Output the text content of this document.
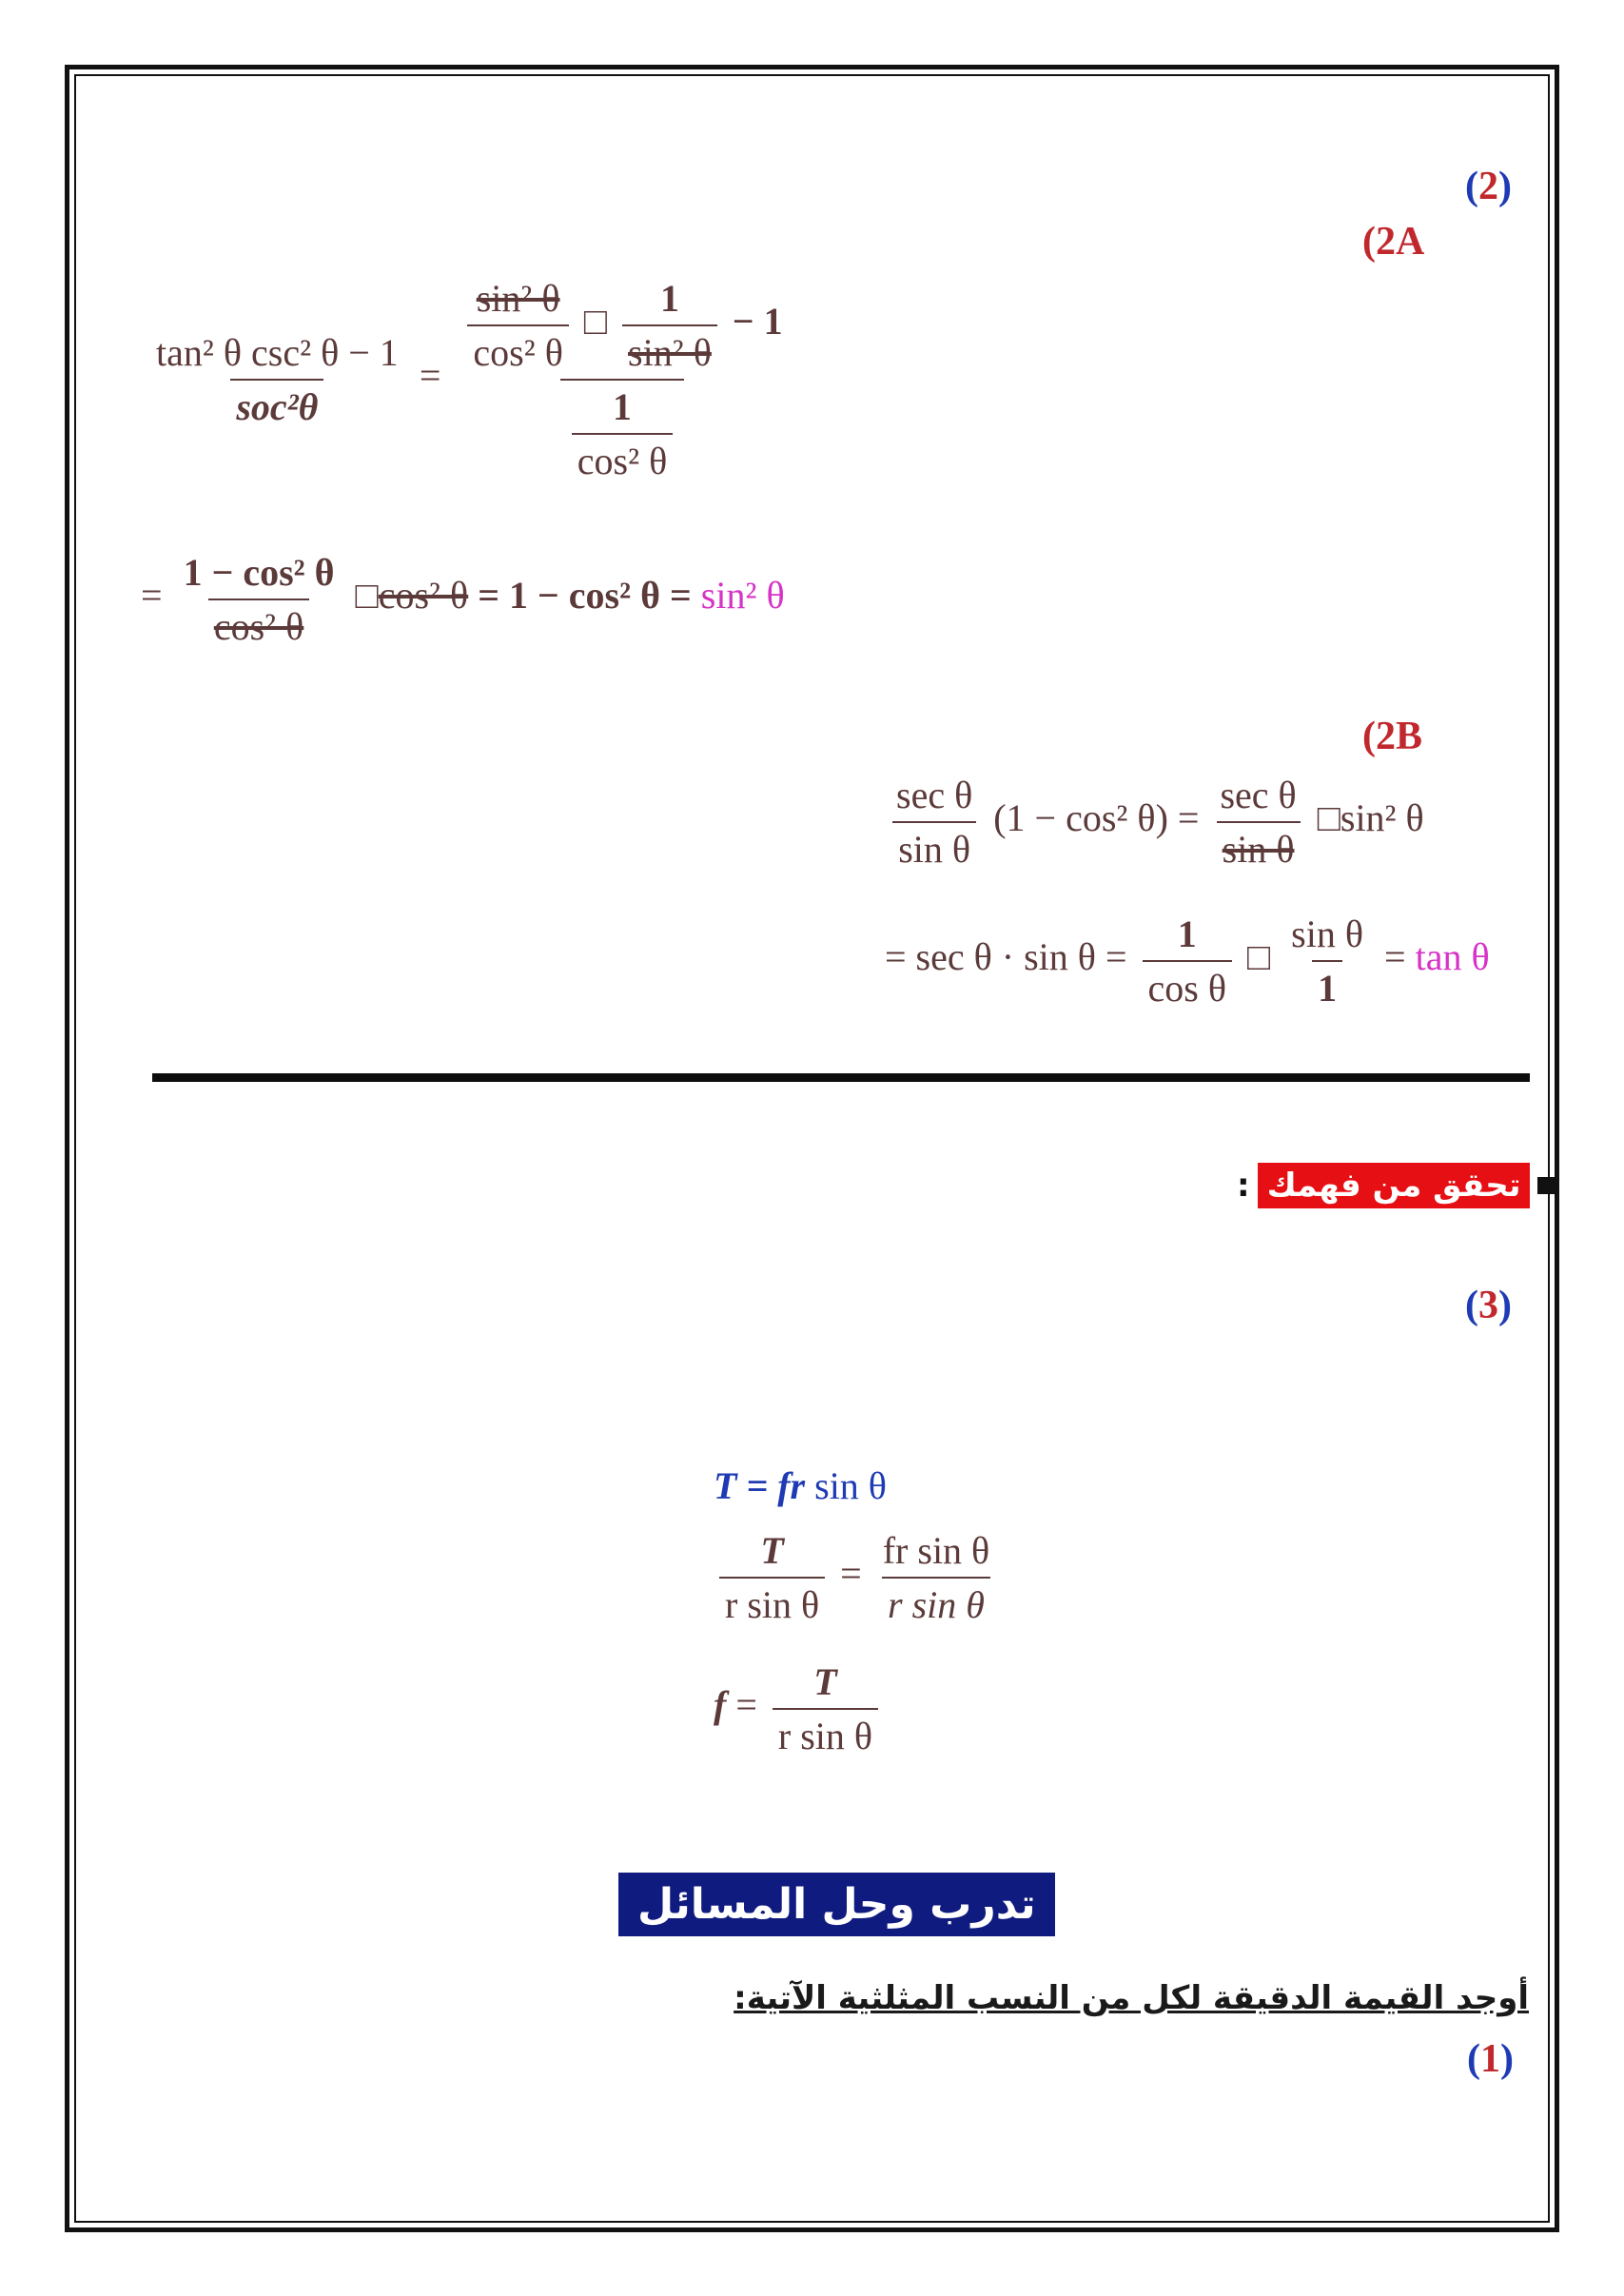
(2)
(2A
$\frac{\text{tan² θ csc² θ − 1}}{\text{soc²θ}}$ =
$\frac{\text{sin² θ}}{\text{cos² θ}}$ □ $\frac{1}{\text{sin² θ}} - 1$
$\frac{1}{\text{cos² θ}}$
= $\frac{\text{1 − cos² θ}}{\text{cos² θ}}$ □cos² θ = 1 − cos² θ = sin² θ
(2B
$\frac{\text{sec θ}}{\text{sin θ}} (1 - \cos^2$ $\theta) = \frac{\text{sec θ}}{\text{sin θ}}$ □sin² θ
= $\sec \theta \cdot \sin \theta = \frac{1}{\text{cos θ}}$ □ $\frac{\text{sin θ}}{1} = \tan \theta$
: تحقق من فهمك
(3)
T = fr sin θ
$\frac{T}{\text{r sin θ}} = \frac{\text{fr sin θ}}{\text{r sin θ}}$
$f = \frac{T}{\text{r sin θ}}$
تدرب وحل المسائل
أوجد القيمة الدقيقة لكل من النسب المثلثية الآتية:
(1)
